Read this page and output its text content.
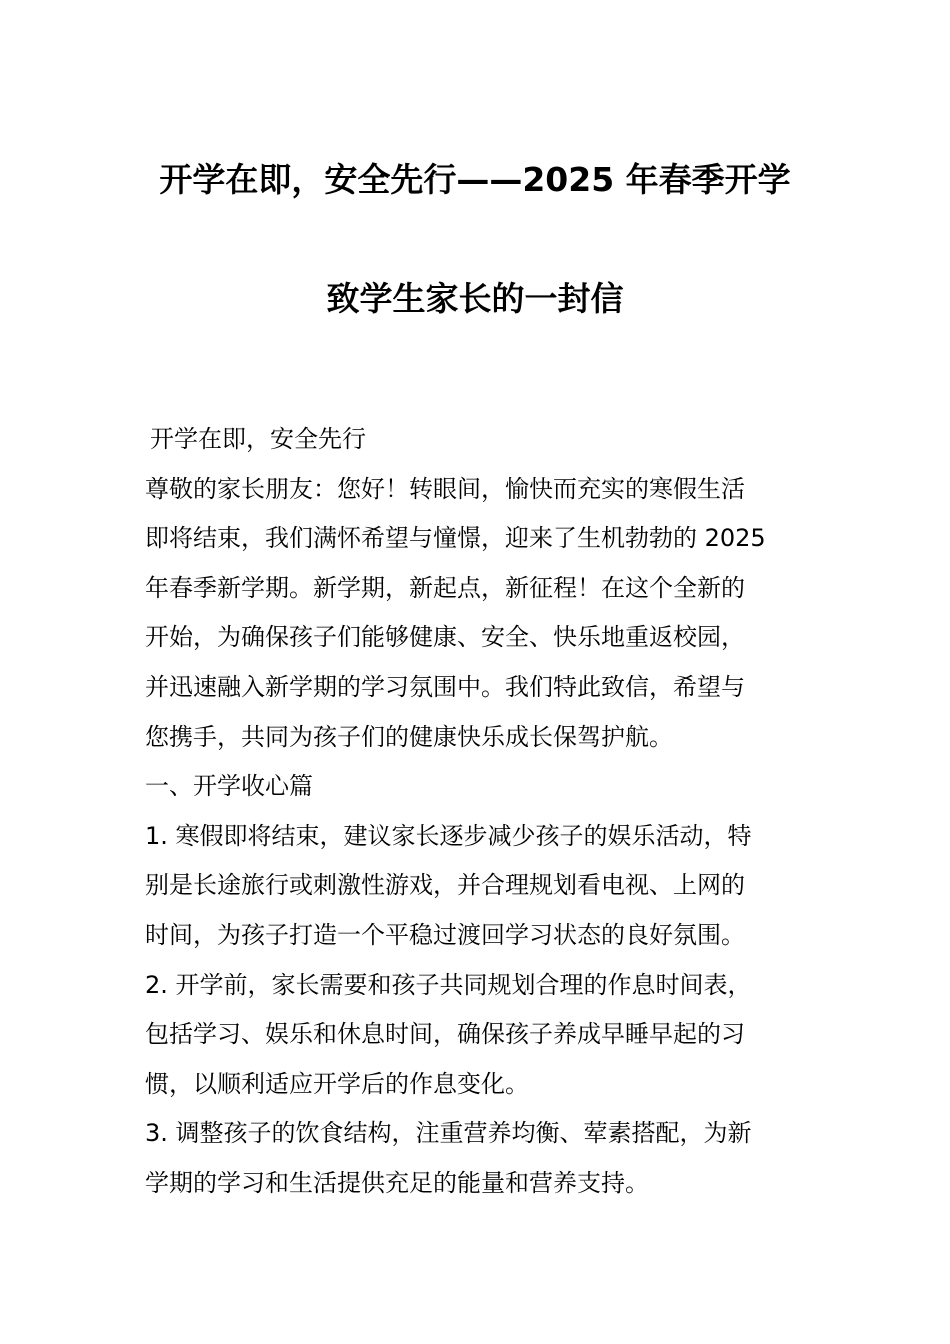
开学在即，安全先行——2025 年春季开学
致学生家长的一封信
开学在即，安全先行
尊敬的家长朋友：您好！转眼间，愉快而充实的寒假生活
即将结束，我们满怀希望与憧憬，迎来了生机勃勃的 2025
年春季新学期。新学期，新起点，新征程！在这个全新的
开始，为确保孩子们能够健康、安全、快乐地重返校园，
并迅速融入新学期的学习氛围中。我们特此致信，希望与
您携手，共同为孩子们的健康快乐成长保驾护航。
一、开学收心篇
1. 寒假即将结束，建议家长逐步减少孩子的娱乐活动，特
别是长途旅行或刺激性游戏，并合理规划看电视、上网的
时间，为孩子打造一个平稳过渡回学习状态的良好氛围。
2. 开学前，家长需要和孩子共同规划合理的作息时间表，
包括学习、娱乐和休息时间，确保孩子养成早睡早起的习
惯，以顺利适应开学后的作息变化。
3. 调整孩子的饮食结构，注重营养均衡、荤素搭配，为新
学期的学习和生活提供充足的能量和营养支持。
